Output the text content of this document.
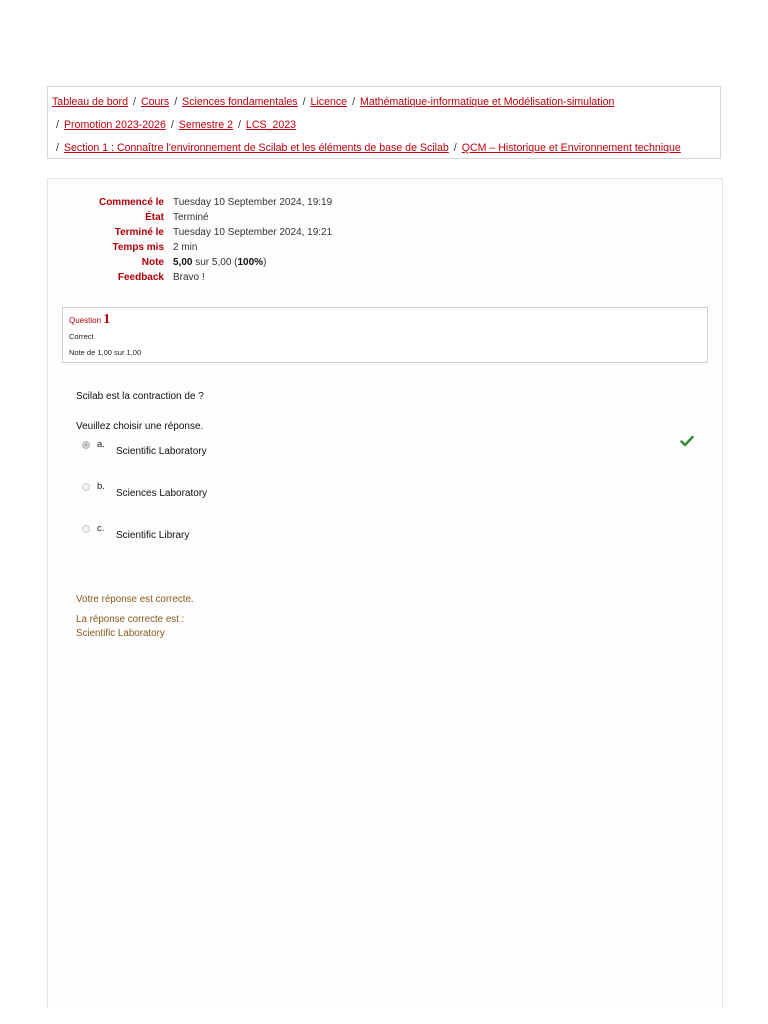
Tableau de bord / Cours / Sciences fondamentales / Licence / Mathématique-informatique et Modélisation-simulation
/ Promotion 2023-2026 / Semestre 2 / LCS_2023
/ Section 1 : Connaître l'environnement de Scilab et les éléments de base de Scilab / QCM – Historique et Environnement technique
Commencé le Tuesday 10 September 2024, 19:19
État Terminé
Terminé le Tuesday 10 September 2024, 19:21
Temps mis 2 min
Note 5,00 sur 5,00 (100%)
Feedback Bravo !
Question 1
Correct
Note de 1,00 sur 1,00
Scilab est la contraction de ?
Veuillez choisir une réponse.
a.
Scientific Laboratory
b.
Sciences Laboratory
c.
Scientific Library
Votre réponse est correcte.
La réponse correcte est :
Scientific Laboratory
